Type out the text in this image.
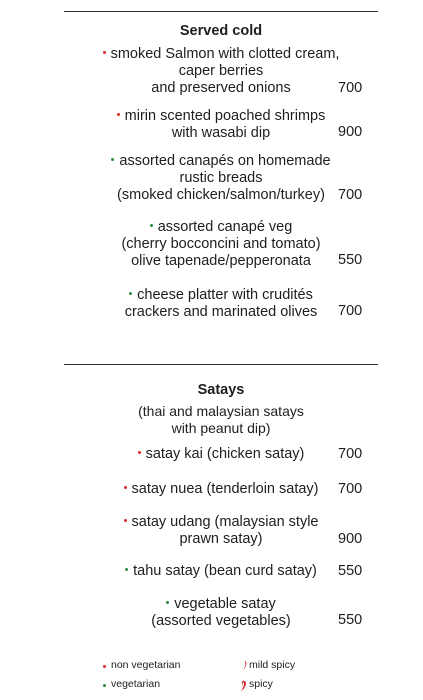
Served cold
smoked Salmon with clotted cream,
caper berries
and preserved onions	700
mirin scented poached shrimps
with wasabi dip	900
assorted canapés on homemade
rustic breads
(smoked chicken/salmon/turkey) 700
assorted canapé veg
(cherry bocconcini and tomato)
olive tapenade/pepperonata	550
cheese platter with crudités
crackers and marinated olives	700
Satays
(thai and malaysian satays
with peanut dip)
satay kai (chicken satay)	700
satay nuea (tenderloin satay)	700
satay udang (malaysian style
prawn satay)	900
tahu satay (bean curd satay)	550
vegetable satay
(assorted vegetables)	550
non vegetarian
vegetarian
mild spicy
spicy
